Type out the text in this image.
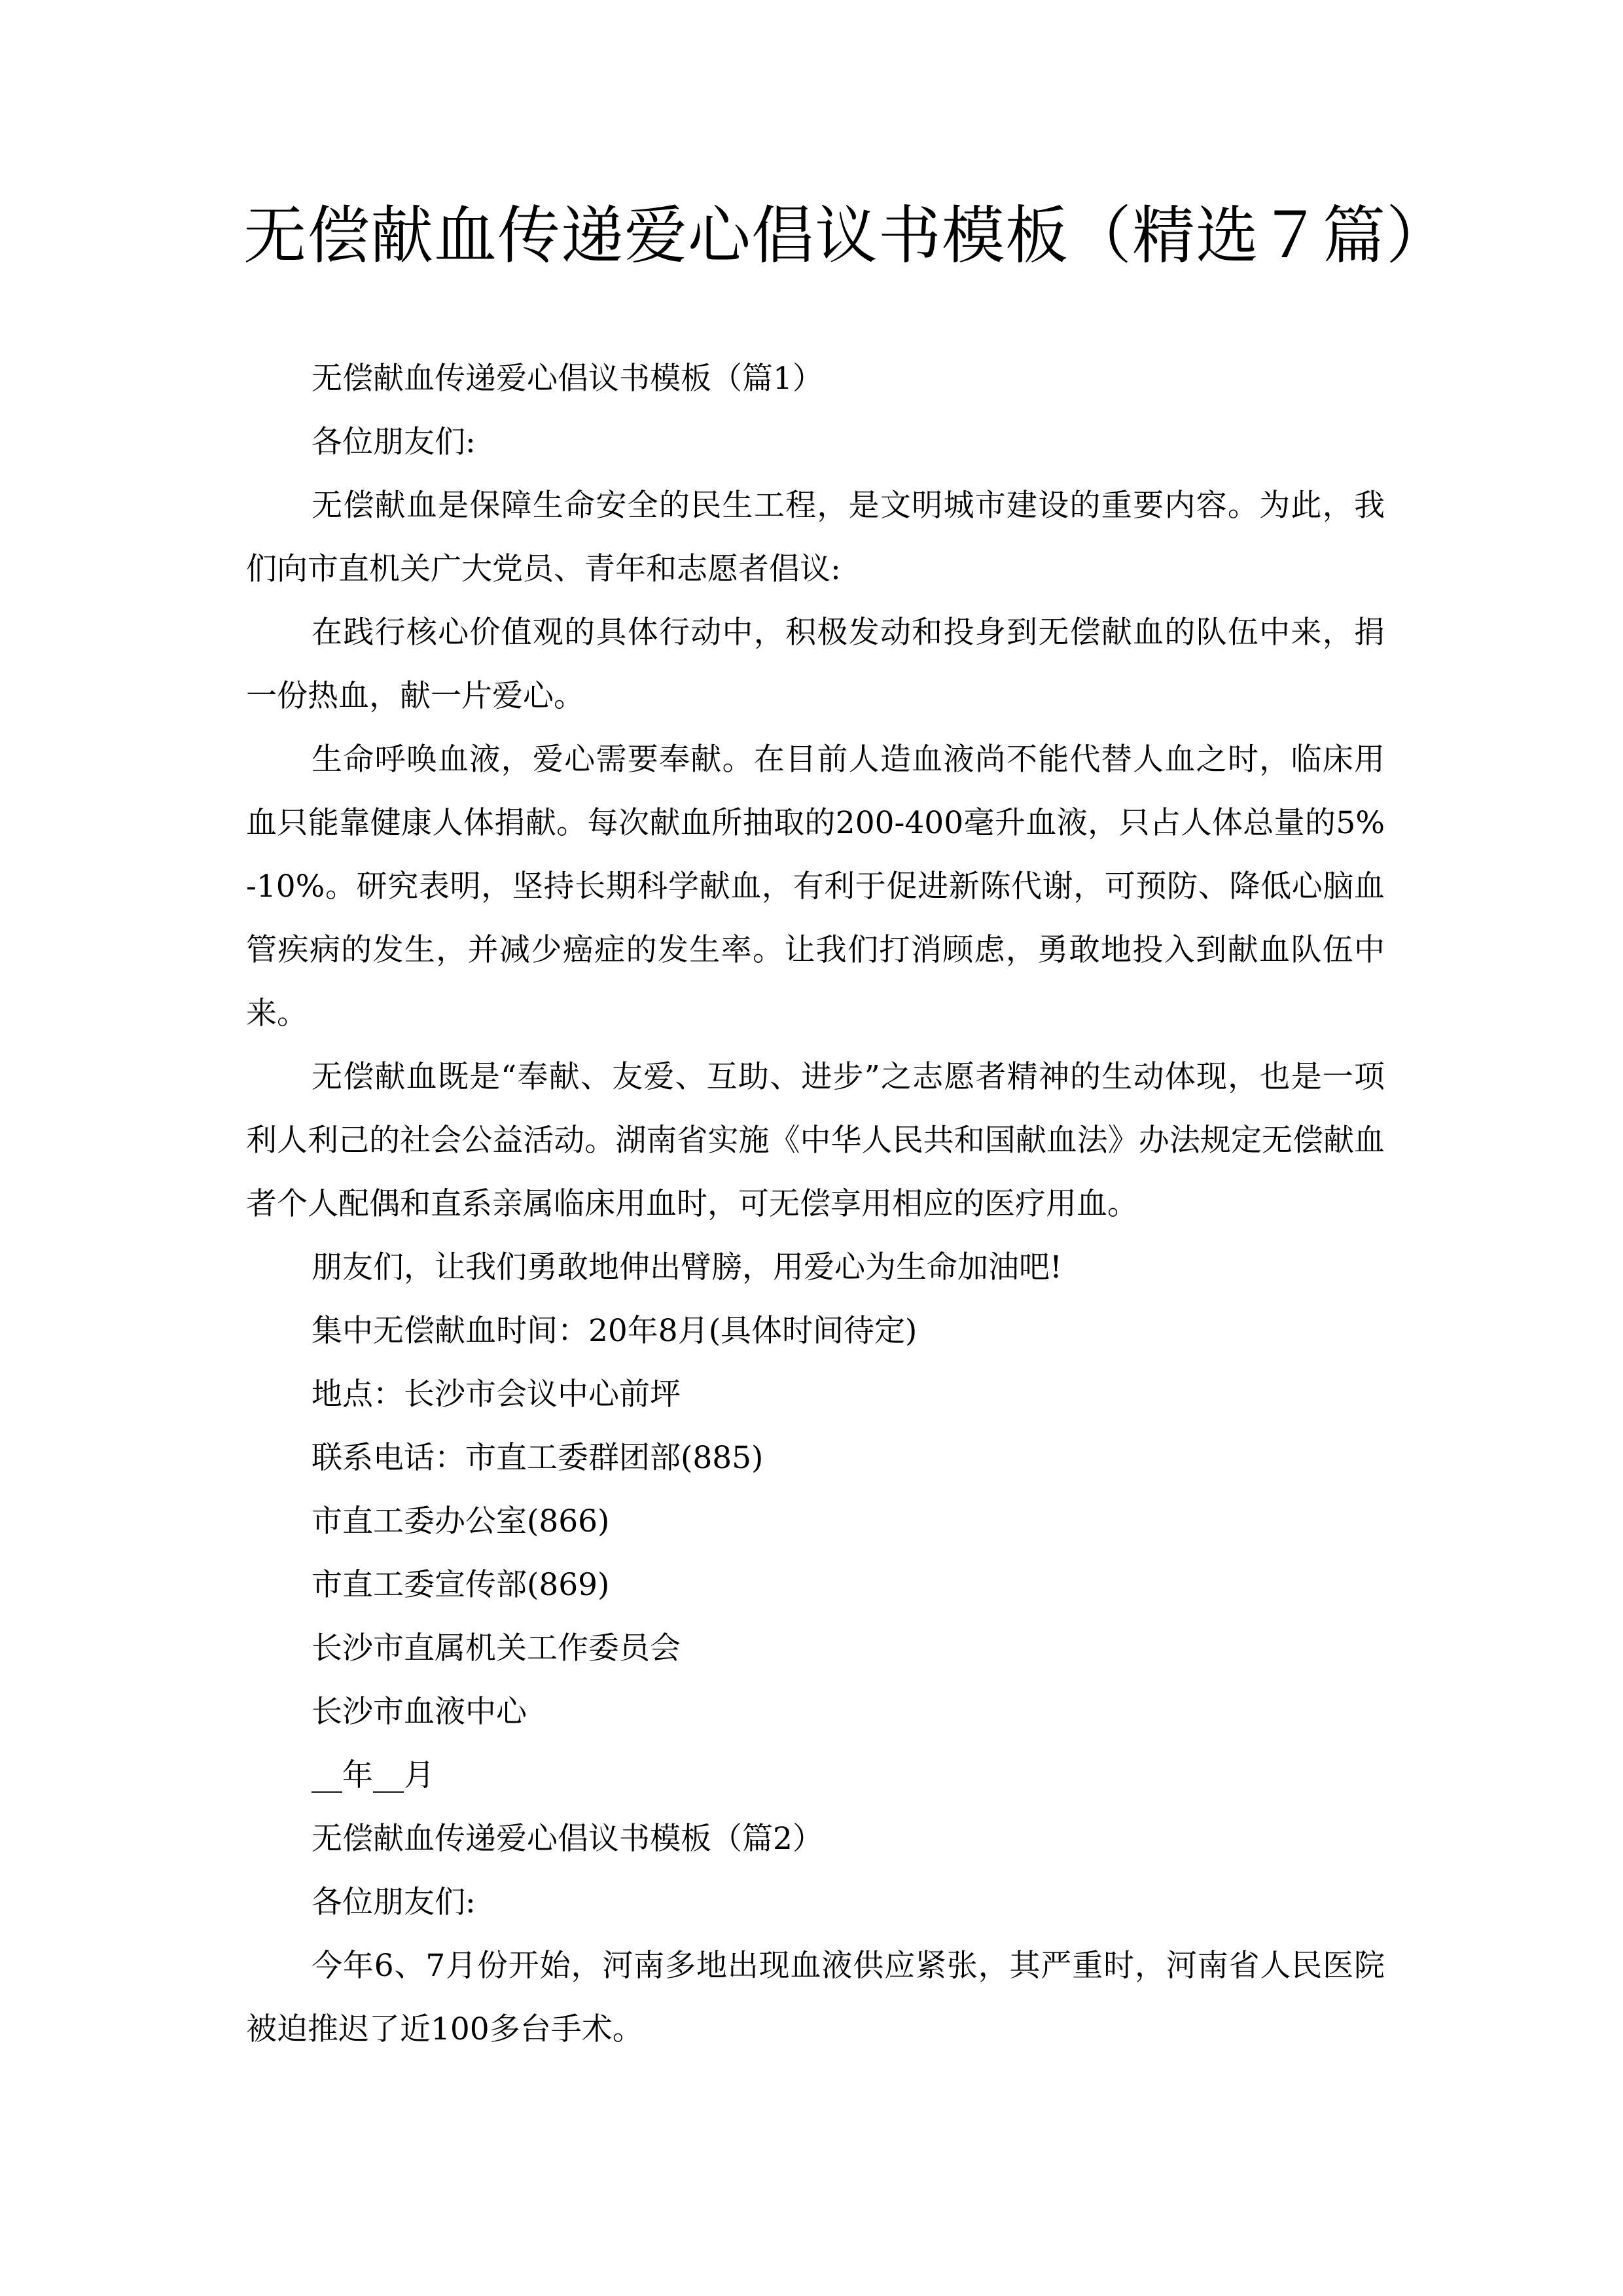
无偿献血传递爱心倡议书模板（精选７篇）

无偿献血传递爱心倡议书模板（篇1）

各位朋友们:

无偿献血是保障生命安全的民生工程，是文明城市建设的重要内容。为此，我们向市直机关广大党员、青年和志愿者倡议:

在践行核心价值观的具体行动中，积极发动和投身到无偿献血的队伍中来，捐一份热血，献一片爱心。

生命呼唤血液，爱心需要奉献。在目前人造血液尚不能代替人血之时，临床用血只能靠健康人体捐献。每次献血所抽取的200-400毫升血液，只占人体总量的5%-10%。研究表明，坚持长期科学献血，有利于促进新陈代谢，可预防、降低心脑血管疾病的发生，并减少癌症的发生率。让我们打消顾虑，勇敢地投入到献血队伍中来。

无偿献血既是“奉献、友爱、互助、进步”之志愿者精神的生动体现，也是一项利人利己的社会公益活动。湖南省实施《中华人民共和国献血法》办法规定无偿献血者个人配偶和直系亲属临床用血时，可无偿享用相应的医疗用血。

朋友们，让我们勇敢地伸出臂膀，用爱心为生命加油吧!

集中无偿献血时间：20年8月(具体时间待定)

地点：长沙市会议中心前坪

联系电话：市直工委群团部(885)

市直工委办公室(866)

市直工委宣传部(869)

长沙市直属机关工作委员会

长沙市血液中心

__年__月

无偿献血传递爱心倡议书模板（篇2）

各位朋友们:

今年6、7月份开始，河南多地出现血液供应紧张，其严重时，河南省人民医院被迫推迟了近100多台手术。
